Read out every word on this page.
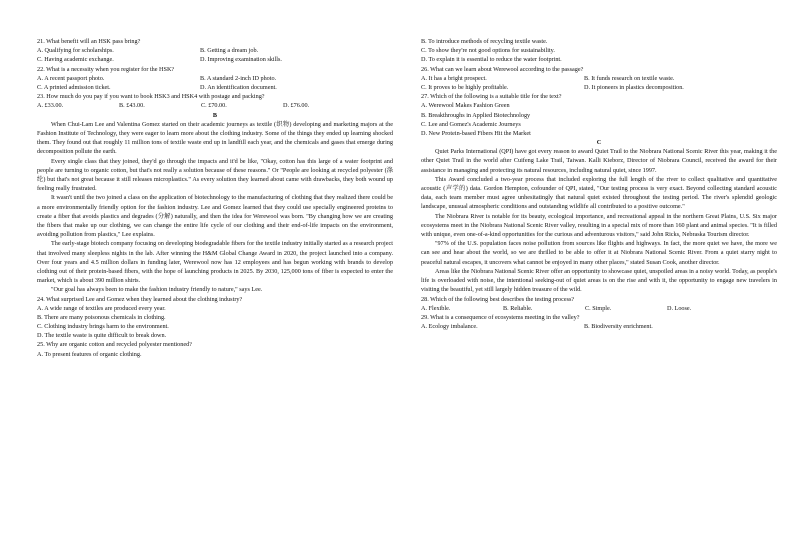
21. What benefit will an HSK pass bring?
A. Qualifying for scholarships.	B. Getting a dream job.
C. Having academic exchange.	D. Improving examination skills.
22. What is a necessity when you register for the HSK?
A. A recent passport photo.	B. A standard 2-inch ID photo.
C. A printed admission ticket.	D. An identification document.
23. How much do you pay if you want to book HSK3 and HSK4 with postage and packing?
A. £33.00.	B. £43.00.	C. £70.00.	D. £76.00.
B
When Chui-Lam Lee and Valentina Gomez started on their academic journeys as textile (织物) developing and marketing majors at the Fashion Institute of Technology, they were eager to learn more about the clothing industry. Some of the things they ended up learning shocked them. They found out that roughly 11 million tons of textile waste end up in landfill each year, and the chemicals and gases that emerge during decomposition pollute the earth.
Every single class that they joined, they'd go through the impacts and it'd be like, "Okay, cotton has this large of a water footprint and people are turning to organic cotton, but that's not really a solution because of these reasons." Or "People are looking at recycled polyester (涤纶) but that's not great because it still releases microplastics." As every solution they learned about came with drawbacks, they both wound up feeling really frustrated.
It wasn't until the two joined a class on the application of biotechnology to the manufacturing of clothing that they realized there could be a more environmentally friendly option for the fashion industry. Lee and Gomez learned that they could use specially engineered proteins to create a fiber that avoids plastics and degrades (分解) naturally, and then the idea for Werewool was born. "By changing how we are creating the fibers that make up our clothing, we can change the entire life cycle of our clothing and their end-of-life impacts on the environment, avoiding pollution from plastics," Lee explains.
The early-stage biotech company focusing on developing biodegradable fibers for the textile industry initially started as a research project that involved many sleepless nights in the lab. After winning the H&M Global Change Award in 2020, the project launched into a company. Over four years and 4.5 million dollars in funding later, Werewool now has 12 employees and has begun working with brands to develop clothing out of their protein-based fibers, with the hope of launching products in 2025. By 2030, 125,000 tons of fiber is expected to enter the market, which is about 390 million shirts.
"Our goal has always been to make the fashion industry friendly to nature," says Lee.
24. What surprised Lee and Gomez when they learned about the clothing industry?
A. A wide range of textiles are produced every year.
B. There are many poisonous chemicals in clothing.
C. Clothing industry brings harm to the environment.
D. The textile waste is quite difficult to break down.
25. Why are organic cotton and recycled polyester mentioned?
A. To present features of organic clothing.
B. To introduce methods of recycling textile waste.
C. To show they're not good options for sustainability.
D. To explain it is essential to reduce the water footprint.
26. What can we learn about Werewool according to the passage?
A. It has a bright prospect.	B. It funds research on textile waste.
C. It proves to be highly profitable.	D. It pioneers in plastics decomposition.
27. Which of the following is a suitable title for the text?
A. Werewool Makes Fashion Green
B. Breakthroughs in Applied Biotechnology
C. Lee and Gomez's Academic Journeys
D. New Protein-based Fibers Hit the Market
C
Quiet Parks International (QPI) have got every reason to award Quiet Trail to the Niobrara National Scenic River this year, making it the other Quiet Trail in the world after Cuifeng Lake Trail, Taiwan. Kalli Kieborz, Director of Niobrara Council, received the award for their assistance in managing and protecting its natural resources, including natural quiet, since 1997.
This Award concluded a two-year process that included exploring the full length of the river to collect qualitative and quantitative acoustic (声学的) data. Gordon Hempton, cofounder of QPI, stated, "Our testing process is very exact. Beyond collecting standard acoustic data, each team member must agree unhesitatingly that natural quiet existed throughout the testing period. The river's splendid geologic landscape, unusual atmospheric conditions and outstanding wildlife all contributed to a positive outcome."
The Niobrara River is notable for its beauty, ecological importance, and recreational appeal in the northern Great Plains, U.S. Six major ecosystems meet in the Niobrara National Scenic River valley, resulting in a special mix of more than 160 plant and animal species. "It is filled with unique, even one-of-a-kind opportunities for the curious and adventurous visitors," said John Ricks, Nebraska Tourism director.
"97% of the U.S. population faces noise pollution from sources like flights and highways. In fact, the more quiet we have, the more we can see and hear about the world, so we are thrilled to be able to offer it at Niobrara National Scenic River. From a quiet starry night to peaceful natural escapes, it uncovers what cannot be enjoyed in many other places," stated Susan Cook, another director.
Areas like the Niobrara National Scenic River offer an opportunity to showcase quiet, unspoiled areas in a noisy world. Today, as people's life is overloaded with noise, the intentional seeking-out of quiet areas is on the rise and with it, the opportunity to engage new travelers in visiting the beautiful, yet still largely hidden treasure of the wild.
28. Which of the following best describes the testing process?
A. Flexible.	B. Reliable.	C. Simple.	D. Loose.
29. What is a consequence of ecosystems meeting in the valley?
A. Ecology imbalance.	B. Biodiversity enrichment.
